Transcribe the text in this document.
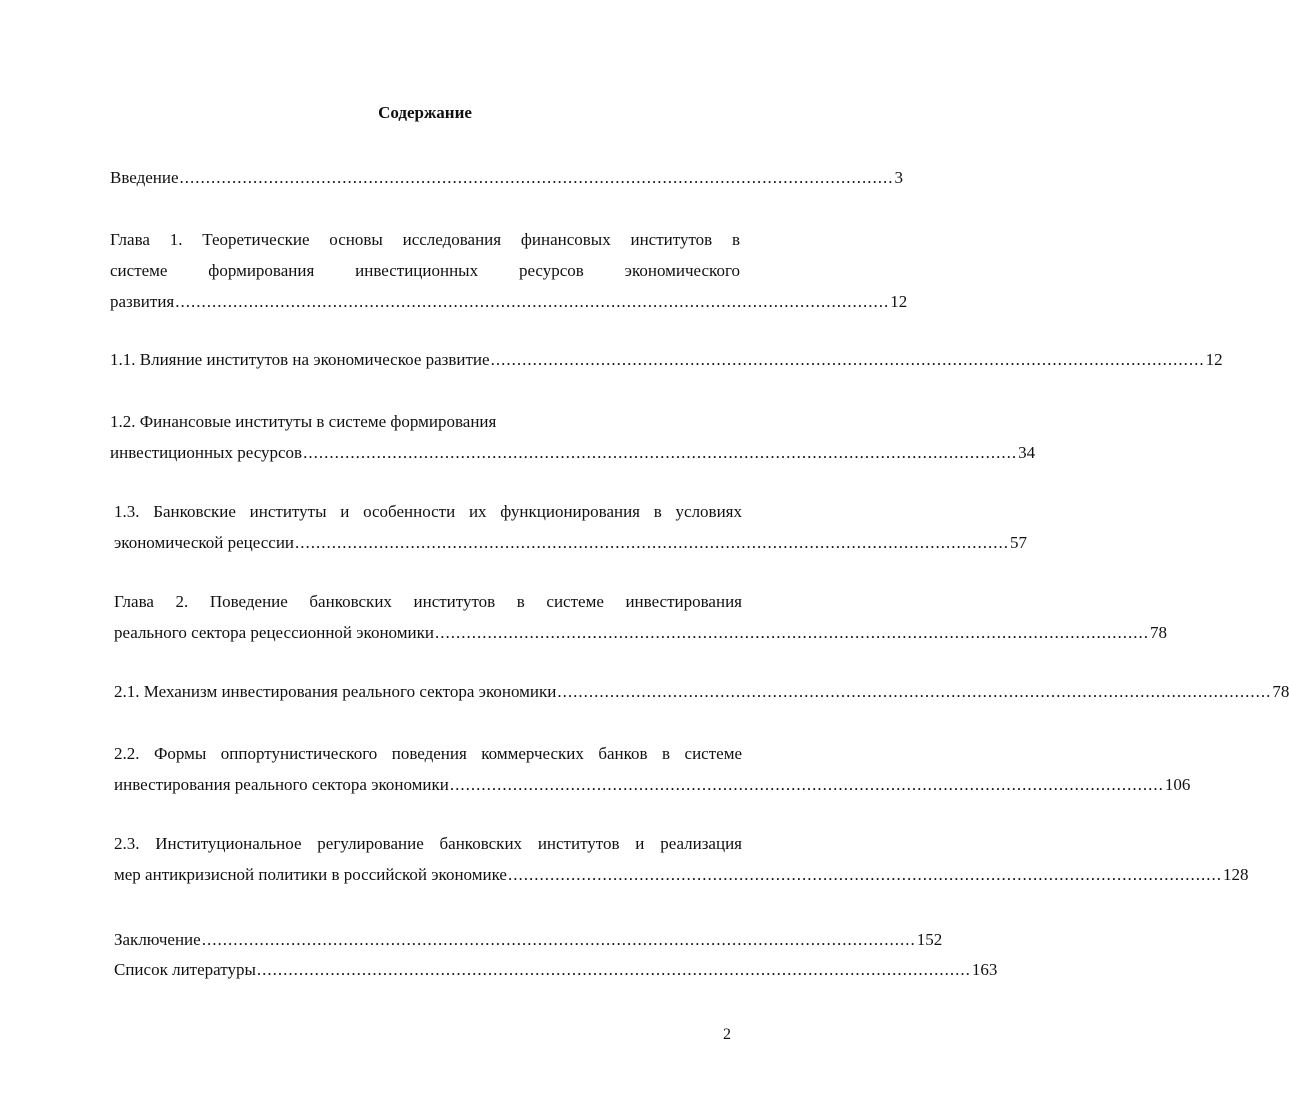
Содержание
Введение ........................................................................................................................................ 3
Глава 1. Теоретические основы исследования финансовых институтов в
системе формирования инвестиционных ресурсов экономического
развития ........................................................................................................................................ 12
1.1. Влияние институтов на экономическое развитие ........................................................................................................................................ 12
1.2. Финансовые институты в системе формирования
инвестиционных ресурсов ........................................................................................................................................ 34
1.3. Банковские институты и особенности их функционирования в условиях
экономической рецессии ........................................................................................................................................ 57
Глава 2. Поведение банковских институтов в системе инвестирования
реального сектора рецессионной экономики ........................................................................................................................................ 78
2.1. Механизм инвестирования реального сектора экономики ........................................................................................................................................ 78
2.2. Формы оппортунистического поведения коммерческих банков в системе
инвестирования реального сектора экономики ........................................................................................................................................ 106
2.3. Институциональное регулирование банковских институтов и реализация
мер антикризисной политики в российской экономике ........................................................................................................................................ 128
Заключение ........................................................................................................................................ 152
Список литературы ........................................................................................................................................ 163
2
